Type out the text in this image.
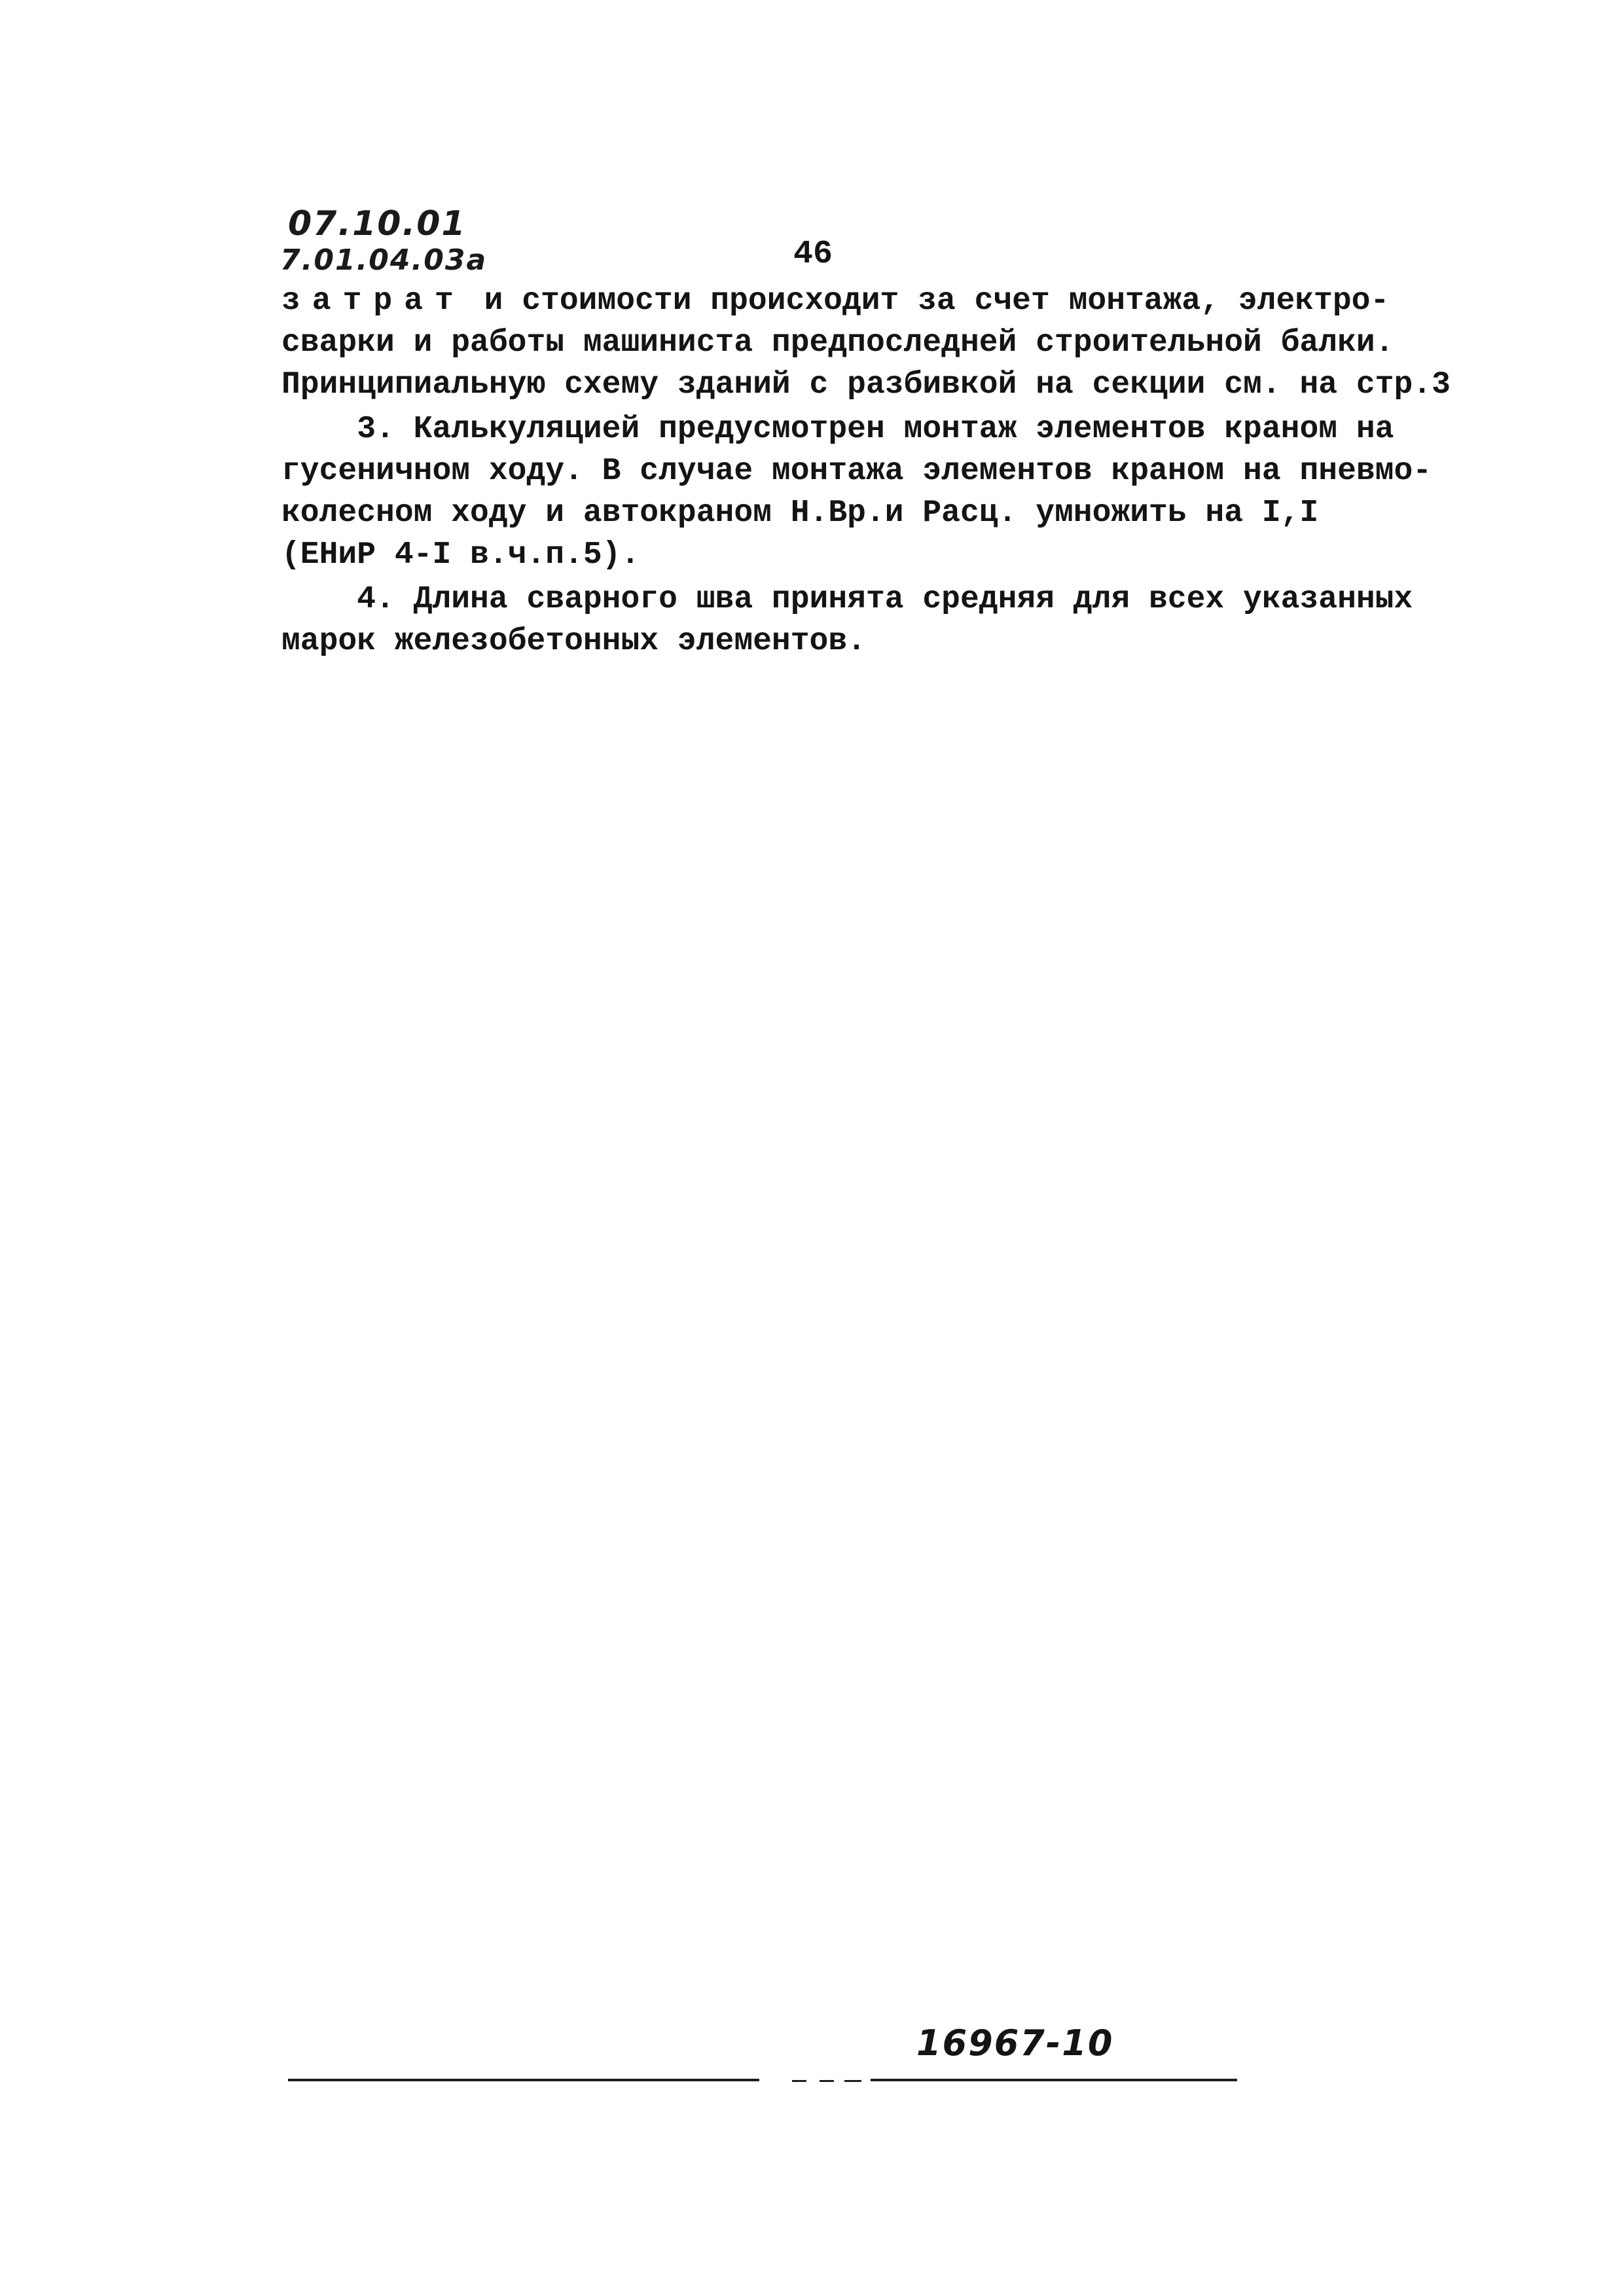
07.10.01
7.01.04.03а	46
затрат и стоимости происходит за счет монтажа, электро-
сварки и работы машиниста предпоследней строительной балки.
Принципиальную схему зданий с разбивкой на секции см. на стр.3
3. Калькуляцией предусмотрен монтаж элементов краном на
гусеничном ходу. В случае монтажа элементов краном на пневмо-
колесном ходу и автокраном Н.Вр.и Расц. умножить на I,I
(ЕНиР 4-I в.ч.п.5).
4. Длина сварного шва принята средняя для всех указанных
марок железобетонных элементов.
16967-10
